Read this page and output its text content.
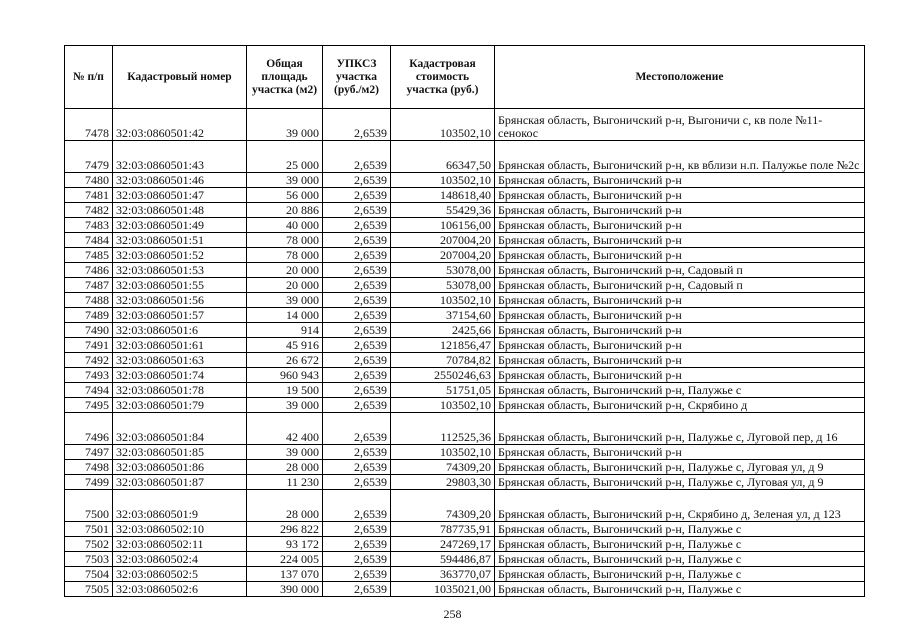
№ п/п	Кадастровый номер	Общая площадь участка (м2)	УПКСЗ участка (руб./м2)	Кадастровая стоимость участка (руб.)	Местоположение
7478	32:03:0860501:42	39 000	2,6539	103502,10	Брянская область, Выгоничский р-н, Выгоничи с, кв поле №11-сенокос
7479	32:03:0860501:43	25 000	2,6539	66347,50	Брянская область, Выгоничский р-н, кв вблизи н.п. Палужье поле №2с
7480	32:03:0860501:46	39 000	2,6539	103502,10	Брянская область, Выгоничский р-н
7481	32:03:0860501:47	56 000	2,6539	148618,40	Брянская область, Выгоничский р-н
7482	32:03:0860501:48	20 886	2,6539	55429,36	Брянская область, Выгоничский р-н
7483	32:03:0860501:49	40 000	2,6539	106156,00	Брянская область, Выгоничский р-н
7484	32:03:0860501:51	78 000	2,6539	207004,20	Брянская область, Выгоничский р-н
7485	32:03:0860501:52	78 000	2,6539	207004,20	Брянская область, Выгоничский р-н
7486	32:03:0860501:53	20 000	2,6539	53078,00	Брянская область, Выгоничский р-н, Садовый п
7487	32:03:0860501:55	20 000	2,6539	53078,00	Брянская область, Выгоничский р-н, Садовый п
7488	32:03:0860501:56	39 000	2,6539	103502,10	Брянская область, Выгоничский р-н
7489	32:03:0860501:57	14 000	2,6539	37154,60	Брянская область, Выгоничский р-н
7490	32:03:0860501:6	914	2,6539	2425,66	Брянская область, Выгоничский р-н
7491	32:03:0860501:61	45 916	2,6539	121856,47	Брянская область, Выгоничский р-н
7492	32:03:0860501:63	26 672	2,6539	70784,82	Брянская область, Выгоничский р-н
7493	32:03:0860501:74	960 943	2,6539	2550246,63	Брянская область, Выгоничский р-н
7494	32:03:0860501:78	19 500	2,6539	51751,05	Брянская область, Выгоничский р-н, Палужье с
7495	32:03:0860501:79	39 000	2,6539	103502,10	Брянская область, Выгоничский р-н, Скрябино д
7496	32:03:0860501:84	42 400	2,6539	112525,36	Брянская область, Выгоничский р-н, Палужье с, Луговой пер, д 16
7497	32:03:0860501:85	39 000	2,6539	103502,10	Брянская область, Выгоничский р-н
7498	32:03:0860501:86	28 000	2,6539	74309,20	Брянская область, Выгоничский р-н, Палужье с, Луговая ул, д 9
7499	32:03:0860501:87	11 230	2,6539	29803,30	Брянская область, Выгоничский р-н, Палужье с, Луговая ул, д 9
7500	32:03:0860501:9	28 000	2,6539	74309,20	Брянская область, Выгоничский р-н, Скрябино д, Зеленая ул, д 123
7501	32:03:0860502:10	296 822	2,6539	787735,91	Брянская область, Выгоничский р-н, Палужье с
7502	32:03:0860502:11	93 172	2,6539	247269,17	Брянская область, Выгоничский р-н, Палужье с
7503	32:03:0860502:4	224 005	2,6539	594486,87	Брянская область, Выгоничский р-н, Палужье с
7504	32:03:0860502:5	137 070	2,6539	363770,07	Брянская область, Выгоничский р-н, Палужье с
7505	32:03:0860502:6	390 000	2,6539	1035021,00	Брянская область, Выгоничский р-н, Палужье с
258
